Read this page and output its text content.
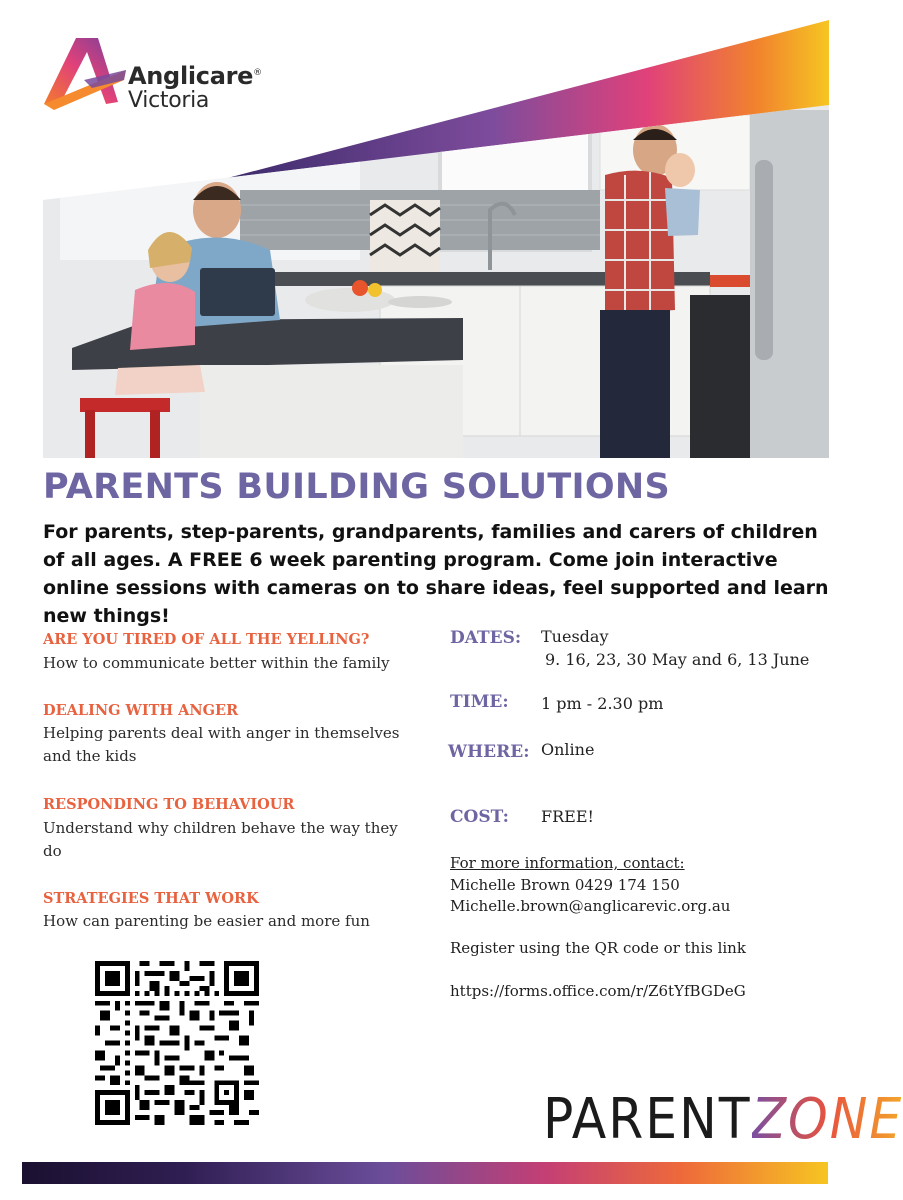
Anglicare®
Victoria
PARENTS BUILDING SOLUTIONS
For parents, step-parents, grandparents, families and carers of children of all ages. A FREE 6 week parenting program. Come join interactive online sessions with cameras on to share ideas, feel supported and learn new things!
ARE YOU TIRED OF ALL THE YELLING?
How to communicate better within the family
DEALING WITH ANGER
Helping parents deal with anger in themselves and the kids
RESPONDING TO BEHAVIOUR
Understand why children behave the way they do
STRATEGIES THAT WORK
How can parenting be easier and more fun
DATES: Tuesday
9. 16, 23, 30 May and 6, 13 June
TIME: 1 pm - 2.30 pm
WHERE: Online
COST: FREE!
For more information, contact:
Michelle Brown 0429 174 150
Michelle.brown@anglicarevic.org.au
Register using the QR code or this link
https://forms.office.com/r/Z6tYfBGDeG
PARENTZONE
